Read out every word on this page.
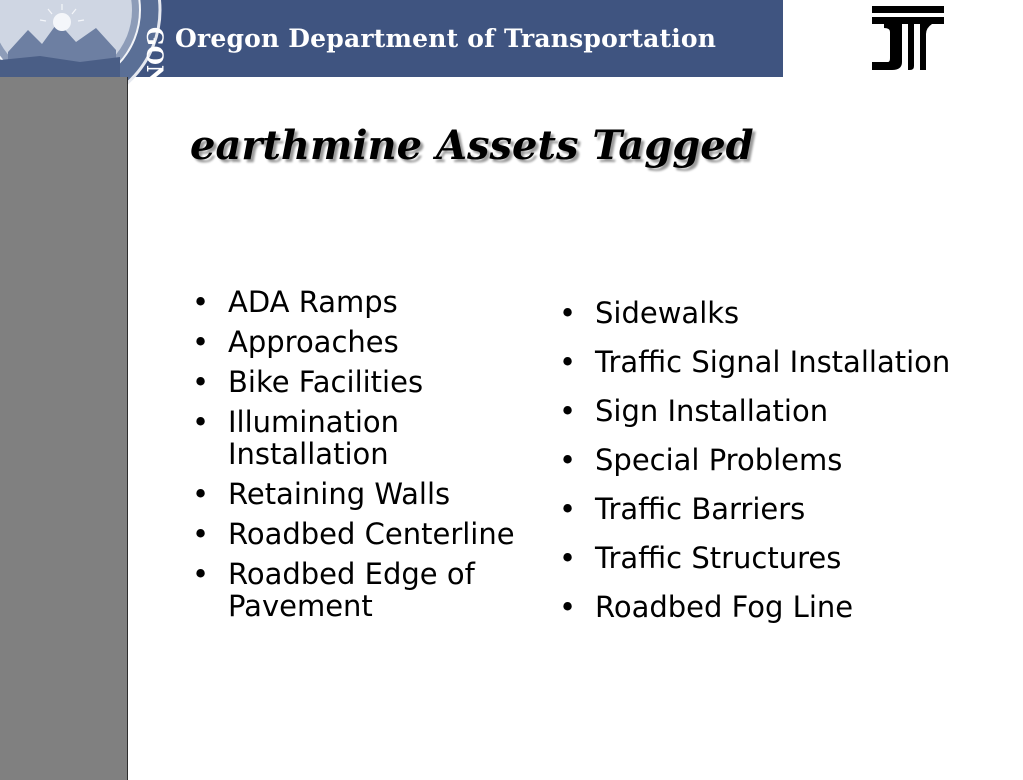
GON Oregon Department of Transportation
earthmine Assets Tagged
• ADA Ramps
• Approaches
• Bike Facilities
• Illumination Installation
• Retaining Walls
• Roadbed Centerline
• Roadbed Edge of Pavement
• Sidewalks
• Traffic Signal Installation
• Sign Installation
• Special Problems
• Traffic Barriers
• Traffic Structures
• Roadbed Fog Line
